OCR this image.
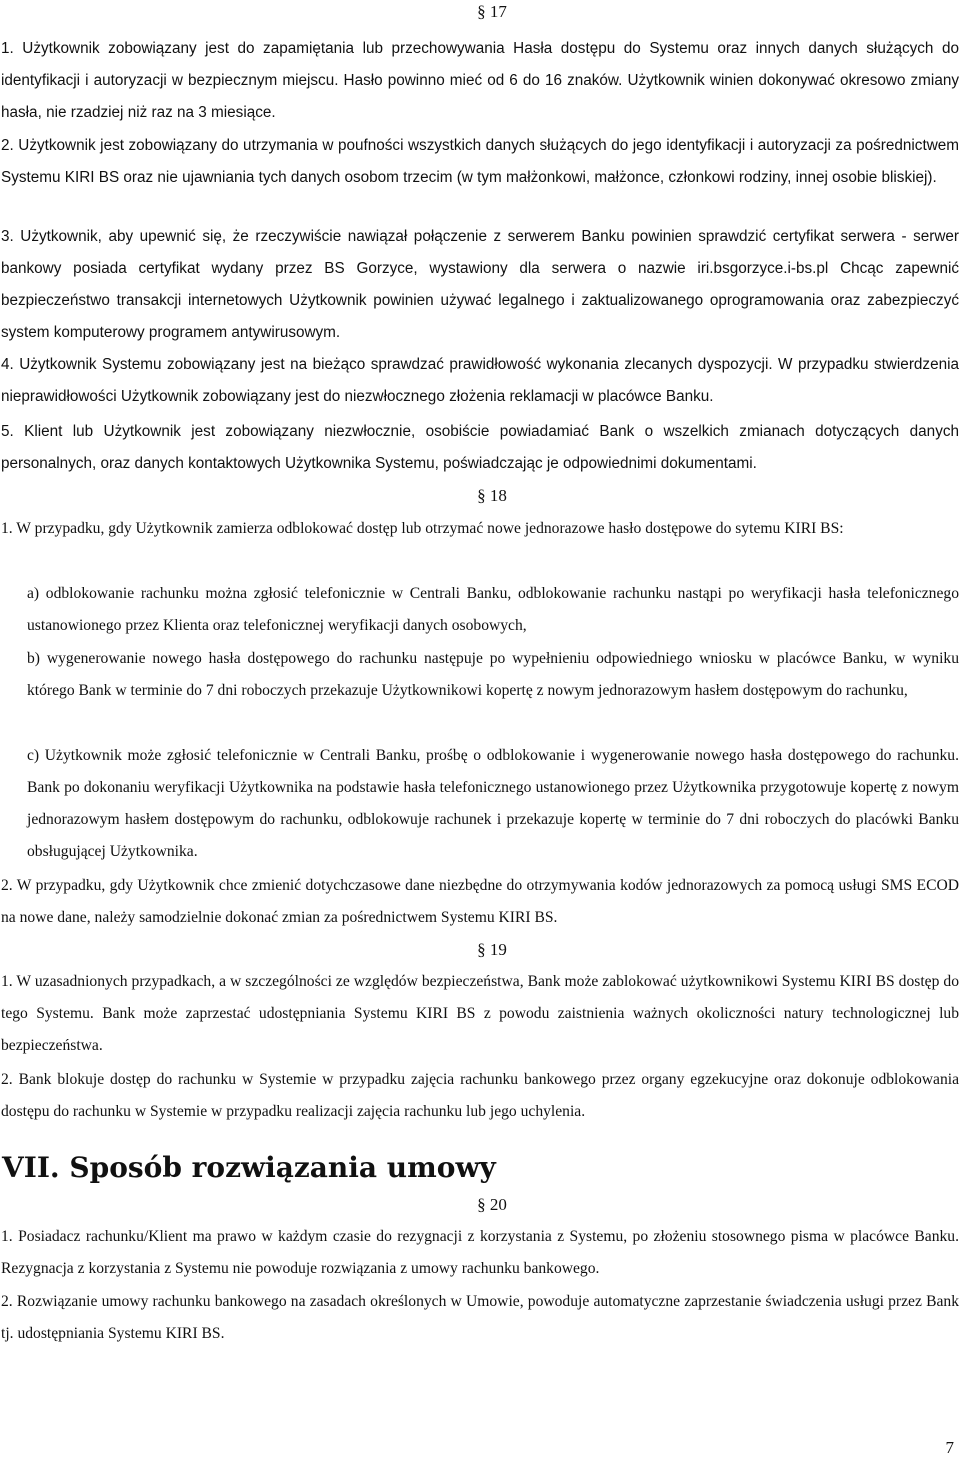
§ 17

1. Użytkownik zobowiązany jest do zapamiętania lub przechowywania Hasła dostępu do Systemu oraz innych danych służących do identyfikacji i autoryzacji w bezpiecznym miejscu. Hasło powinno mieć od 6 do 16 znaków. Użytkownik winien dokonywać okresowo zmiany hasła, nie rzadziej niż raz na 3 miesiące.

2. Użytkownik jest zobowiązany do utrzymania w poufności wszystkich danych służących do jego identyfikacji i autoryzacji za pośrednictwem Systemu KIRI BS oraz nie ujawniania tych danych osobom trzecim (w tym małżonkowi, małżonce, członkowi rodziny, innej osobie bliskiej).

3. Użytkownik, aby upewnić się, że rzeczywiście nawiązał połączenie z serwerem Banku powinien sprawdzić certyfikat serwera - serwer bankowy posiada certyfikat wydany przez BS Gorzyce, wystawiony dla serwera o nazwie iri.bsgorzyce.i-bs.pl Chcąc zapewnić bezpieczeństwo transakcji internetowych Użytkownik powinien używać legalnego i zaktualizowanego oprogramowania oraz zabezpieczyć system komputerowy programem antywirusowym.

4. Użytkownik Systemu zobowiązany jest na bieżąco sprawdzać prawidłowość wykonania zlecanych dyspozycji. W przypadku stwierdzenia nieprawidłowości Użytkownik zobowiązany jest do niezwłocznego złożenia reklamacji w placówce Banku.

5. Klient lub Użytkownik jest zobowiązany niezwłocznie, osobiście powiadamiać Bank o wszelkich zmianach dotyczących danych personalnych, oraz danych kontaktowych Użytkownika Systemu, poświadczając je odpowiednimi dokumentami.

§ 18

1. W przypadku, gdy Użytkownik zamierza odblokować dostęp lub otrzymać nowe jednorazowe hasło dostępowe do sytemu KIRI BS:

a) odblokowanie rachunku można zgłosić telefonicznie w Centrali Banku, odblokowanie rachunku nastąpi po weryfikacji hasła telefonicznego ustanowionego przez Klienta oraz telefonicznej weryfikacji danych osobowych,

b) wygenerowanie nowego hasła dostępowego do rachunku następuje po wypełnieniu odpowiedniego wniosku w placówce Banku, w wyniku którego Bank w terminie do 7 dni roboczych przekazuje Użytkownikowi kopertę z nowym jednorazowym hasłem dostępowym do rachunku,

c) Użytkownik może zgłosić telefonicznie w Centrali Banku, prośbę o odblokowanie i wygenerowanie nowego hasła dostępowego do rachunku. Bank po dokonaniu weryfikacji Użytkownika na podstawie hasła telefonicznego ustanowionego przez Użytkownika przygotowuje kopertę z nowym jednorazowym hasłem dostępowym do rachunku, odblokowuje rachunek i przekazuje kopertę w terminie do 7 dni roboczych do placówki Banku obsługującej Użytkownika.

2. W przypadku, gdy Użytkownik chce zmienić dotychczasowe dane niezbędne do otrzymywania kodów jednorazowych za pomocą usługi SMS ECOD na nowe dane, należy samodzielnie dokonać zmian za pośrednictwem Systemu KIRI BS.

§ 19

1. W uzasadnionych przypadkach, a w szczególności ze względów bezpieczeństwa, Bank może zablokować użytkownikowi Systemu KIRI BS dostęp do tego Systemu. Bank może zaprzestać udostępniania Systemu KIRI BS z powodu zaistnienia ważnych okoliczności natury technologicznej lub bezpieczeństwa.

2. Bank blokuje dostęp do rachunku w Systemie w przypadku zajęcia rachunku bankowego przez organy egzekucyjne oraz dokonuje odblokowania dostępu do rachunku w Systemie w przypadku realizacji zajęcia rachunku lub jego uchylenia.

VII. Sposób rozwiązania umowy
§ 20

1. Posiadacz rachunku/Klient ma prawo w każdym czasie do rezygnacji z korzystania z Systemu, po złożeniu stosownego pisma w placówce Banku. Rezygnacja z korzystania z Systemu nie powoduje rozwiązania z umowy rachunku bankowego.

2. Rozwiązanie umowy rachunku bankowego na zasadach określonych w Umowie, powoduje automatyczne zaprzestanie świadczenia usługi przez Bank tj. udostępniania Systemu KIRI BS.

7
